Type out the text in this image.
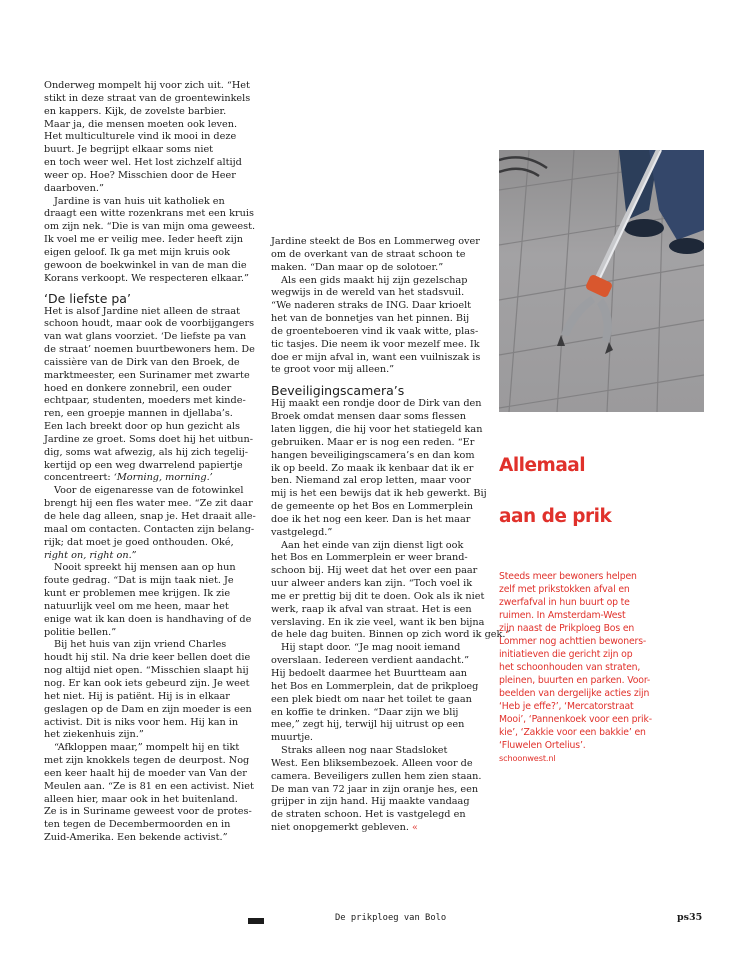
Onderweg mompelt hij voor zich uit. “Het

stikt in deze straat van de groentewinkels

en kappers. Kijk, de zovelste barbier.

Maar ja, die mensen moeten ook leven.

Het multiculturele vind ik mooi in deze

buurt. Je begrijpt elkaar soms niet

en toch weer wel. Het lost zichzelf altijd

weer op. Hoe? Misschien door de Heer

daarboven.”

Jardine is van huis uit katholiek en

draagt een witte rozenkrans met een kruis

om zijn nek. “Die is van mijn oma geweest.

Ik voel me er veilig mee. Ieder heeft zijn

eigen geloof. Ik ga met mijn kruis ook

gewoon de boekwinkel in van de man die

Korans verkoopt. We respecteren elkaar.”

‘De liefste pa’

Het is alsof Jardine niet alleen de straat

schoon houdt, maar ook de voorbijgangers

van wat glans voorziet. ‘De liefste pa van

de straat’ noemen buurtbewoners hem. De

caissière van de Dirk van den Broek, de

marktmeester, een Surinamer met zwarte

hoed en donkere zonnebril, een ouder

echtpaar, studenten, moeders met kinde-

ren, een groepje mannen in djellaba’s.

Een lach breekt door op hun gezicht als

Jardine ze groet. Soms doet hij het uitbun-

dig, soms wat afwezig, als hij zich tegelij-

kertijd op een weg dwarrelend papiertje

concentreert: ‘Morning, morning.’

Voor de eigenaresse van de fotowinkel

brengt hij een fles water mee. “Ze zit daar

de hele dag alleen, snap je. Het draait alle-

maal om contacten. Contacten zijn belang-

rijk; dat moet je goed onthouden. Oké,

right on, right on.”

Nooit spreekt hij mensen aan op hun

foute gedrag. “Dat is mijn taak niet. Je

kunt er problemen mee krijgen. Ik zie

natuurlijk veel om me heen, maar het

enige wat ik kan doen is handhaving of de

politie bellen.”

Bij het huis van zijn vriend Charles

houdt hij stil. Na drie keer bellen doet die

nog altijd niet open. “Misschien slaapt hij

nog. Er kan ook iets gebeurd zijn. Je weet

het niet. Hij is patiënt. Hij is in elkaar

geslagen op de Dam en zijn moeder is een

activist. Dit is niks voor hem. Hij kan in

het ziekenhuis zijn.”

“Afkloppen maar,” mompelt hij en tikt

met zijn knokkels tegen de deurpost. Nog

een keer haalt hij de moeder van Van der

Meulen aan. “Ze is 81 en een activist. Niet

alleen hier, maar ook in het buitenland.

Ze is in Suriname geweest voor de protes-

ten tegen de Decembermoorden en in

Zuid-Amerika. Een bekende activist.”

Jardine steekt de Bos en Lommerweg over

om de overkant van de straat schoon te

maken. “Dan maar op de solotoer.”

Als een gids maakt hij zijn gezelschap

wegwijs in de wereld van het stadsvuil.

“We naderen straks de ING. Daar krioelt

het van de bonnetjes van het pinnen. Bij

de groenteboeren vind ik vaak witte, plas-

tic tasjes. Die neem ik voor mezelf mee. Ik

doe er mijn afval in, want een vuilniszak is

te groot voor mij alleen.”

Beveiligingscamera’s

Hij maakt een rondje door de Dirk van den

Broek omdat mensen daar soms flessen

laten liggen, die hij voor het statiegeld kan

gebruiken. Maar er is nog een reden. “Er

hangen beveiligingscamera’s en dan kom

ik op beeld. Zo maak ik kenbaar dat ik er

ben. Niemand zal erop letten, maar voor

mij is het een bewijs dat ik heb gewerkt. Bij

de gemeente op het Bos en Lommerplein

doe ik het nog een keer. Dan is het maar

vastgelegd.”

Aan het einde van zijn dienst ligt ook

het Bos en Lommerplein er weer brand-

schoon bij. Hij weet dat het over een paar

uur alweer anders kan zijn. “Toch voel ik

me er prettig bij dit te doen. Ook als ik niet

werk, raap ik afval van straat. Het is een

verslaving. En ik zie veel, want ik ben bijna

de hele dag buiten. Binnen op zich word ik gek.”

Hij stapt door. “Je mag nooit iemand

overslaan. Iedereen verdient aandacht.”

Hij bedoelt daarmee het Buurtteam aan

het Bos en Lommerplein, dat de prikploeg

een plek biedt om naar het toilet te gaan

en koffie te drinken. “Daar zijn we blij

mee,” zegt hij, terwijl hij uitrust op een

muurtje.

Straks alleen nog naar Stadsloket

West. Een bliksembezoek. Alleen voor de

camera. Beveiligers zullen hem zien staan.

De man van 72 jaar in zijn oranje hes, een

grijper in zijn hand. Hij maakte vandaag

de straten schoon. Het is vastgelegd en

niet onopgemerkt gebleven. «

Allemaal

aan de prik

Steeds meer bewoners helpen

zelf met prikstokken afval en

zwerfafval in hun buurt op te

ruimen. In Amsterdam-West

zijn naast de Prikploeg Bos en

Lommer nog achttien bewoners-

initiatieven die gericht zijn op

het schoonhouden van straten,

pleinen, buurten en parken. Voor-

beelden van dergelijke acties zijn

‘Heb je effe?’, ‘Mercatorstraat

Mooi’, ‘Pannenkoek voor een prik-

kie’, ‘Zakkie voor een bakkie’ en

‘Fluwelen Ortelius’.

schoonwest.nl

De prikploeg van Bolo	ps35
